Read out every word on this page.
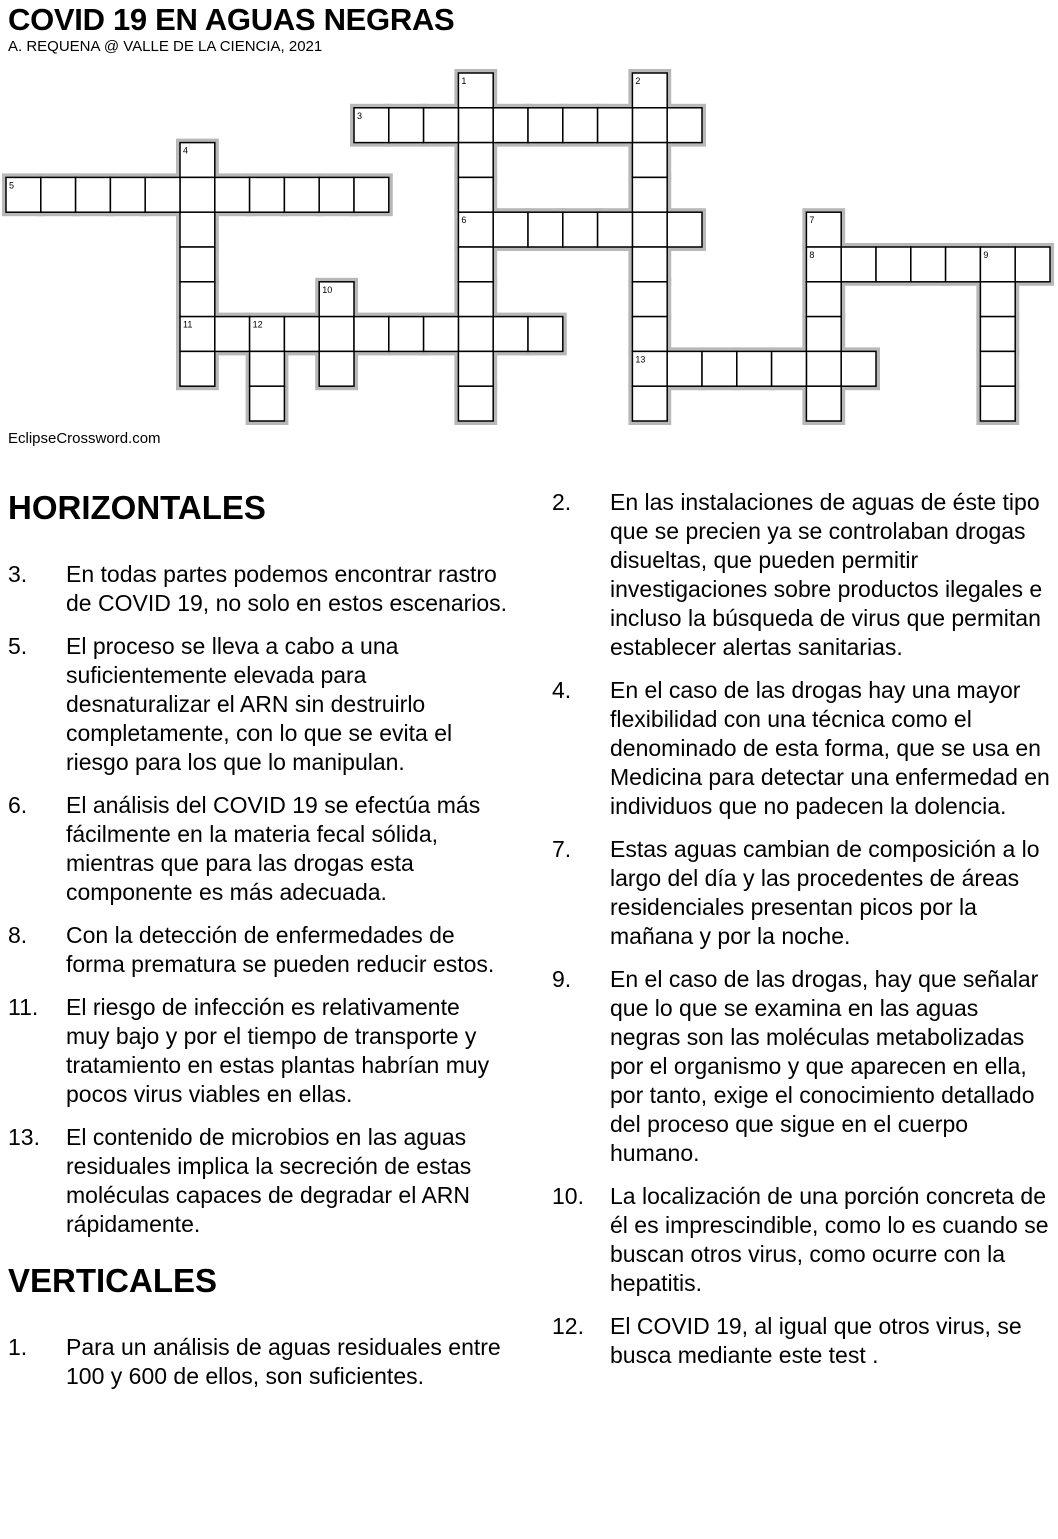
COVID 19 EN AGUAS NEGRAS
A. REQUENA @ VALLE DE LA CIENCIA, 2021
1	2
3
4
5
6	7
8	9
10
11	12
13
EclipseCrossword.com
HORIZONTALES
3.	En todas partes podemos encontrar rastro de COVID 19, no solo en estos escenarios.
5.	El proceso se lleva a cabo a una suficientemente elevada para desnaturalizar el ARN sin destruirlo completamente, con lo que se evita el riesgo para los que lo manipulan.
6.	El análisis del COVID 19 se efectúa más fácilmente en la materia fecal sólida, mientras que para las drogas esta componente es más adecuada.
8.	Con la detección de enfermedades de forma prematura se pueden reducir estos.
11.	El riesgo de infección es relativamente muy bajo y por el tiempo de transporte y tratamiento en estas plantas habrían muy pocos virus viables en ellas.
13.	El contenido de microbios en las aguas residuales implica la secreción de estas moléculas capaces de degradar el ARN rápidamente.
VERTICALES
1.	Para un análisis de aguas residuales entre 100 y 600 de ellos, son suficientes.
2.	En las instalaciones de aguas de éste tipo que se precien ya se controlaban drogas disueltas, que pueden permitir investigaciones sobre productos ilegales e incluso la búsqueda de virus que permitan establecer alertas sanitarias.
4.	En el caso de las drogas hay una mayor flexibilidad con una técnica como el denominado de esta forma, que se usa en Medicina para detectar una enfermedad en individuos que no padecen la dolencia.
7.	Estas aguas cambian de composición a lo largo del día y las procedentes de áreas residenciales presentan picos por la mañana y por la noche.
9.	En el caso de las drogas, hay que señalar que lo que se examina en las aguas negras son las moléculas metabolizadas por el organismo y que aparecen en ella, por tanto, exige el conocimiento detallado del proceso que sigue en el cuerpo humano.
10.	La localización de una porción concreta de él es imprescindible, como lo es cuando se buscan otros virus, como ocurre con la hepatitis.
12.	El COVID 19, al igual que otros virus, se busca mediante este test .
